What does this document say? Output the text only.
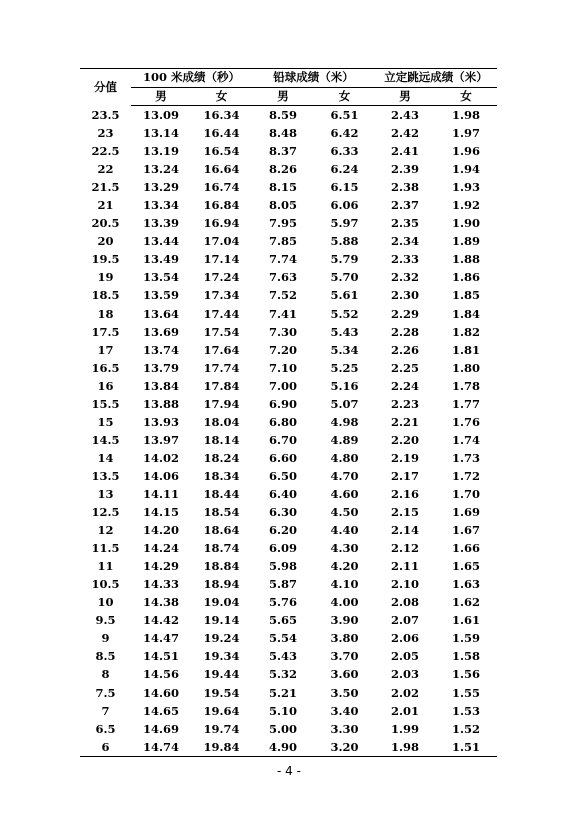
分值	100 米成绩（秒）		铅球成绩（米）		立定跳远成绩（米）	
	男	女	男	女	男	女
23.5	13.09	16.34	8.59	6.51	2.43	1.98
23	13.14	16.44	8.48	6.42	2.42	1.97
22.5	13.19	16.54	8.37	6.33	2.41	1.96
22	13.24	16.64	8.26	6.24	2.39	1.94
21.5	13.29	16.74	8.15	6.15	2.38	1.93
21	13.34	16.84	8.05	6.06	2.37	1.92
20.5	13.39	16.94	7.95	5.97	2.35	1.90
20	13.44	17.04	7.85	5.88	2.34	1.89
19.5	13.49	17.14	7.74	5.79	2.33	1.88
19	13.54	17.24	7.63	5.70	2.32	1.86
18.5	13.59	17.34	7.52	5.61	2.30	1.85
18	13.64	17.44	7.41	5.52	2.29	1.84
17.5	13.69	17.54	7.30	5.43	2.28	1.82
17	13.74	17.64	7.20	5.34	2.26	1.81
16.5	13.79	17.74	7.10	5.25	2.25	1.80
16	13.84	17.84	7.00	5.16	2.24	1.78
15.5	13.88	17.94	6.90	5.07	2.23	1.77
15	13.93	18.04	6.80	4.98	2.21	1.76
14.5	13.97	18.14	6.70	4.89	2.20	1.74
14	14.02	18.24	6.60	4.80	2.19	1.73
13.5	14.06	18.34	6.50	4.70	2.17	1.72
13	14.11	18.44	6.40	4.60	2.16	1.70
12.5	14.15	18.54	6.30	4.50	2.15	1.69
12	14.20	18.64	6.20	4.40	2.14	1.67
11.5	14.24	18.74	6.09	4.30	2.12	1.66
11	14.29	18.84	5.98	4.20	2.11	1.65
10.5	14.33	18.94	5.87	4.10	2.10	1.63
10	14.38	19.04	5.76	4.00	2.08	1.62
9.5	14.42	19.14	5.65	3.90	2.07	1.61
9	14.47	19.24	5.54	3.80	2.06	1.59
8.5	14.51	19.34	5.43	3.70	2.05	1.58
8	14.56	19.44	5.32	3.60	2.03	1.56
7.5	14.60	19.54	5.21	3.50	2.02	1.55
7	14.65	19.64	5.10	3.40	2.01	1.53
6.5	14.69	19.74	5.00	3.30	1.99	1.52
6	14.74	19.84	4.90	3.20	1.98	1.51
- 4 -
